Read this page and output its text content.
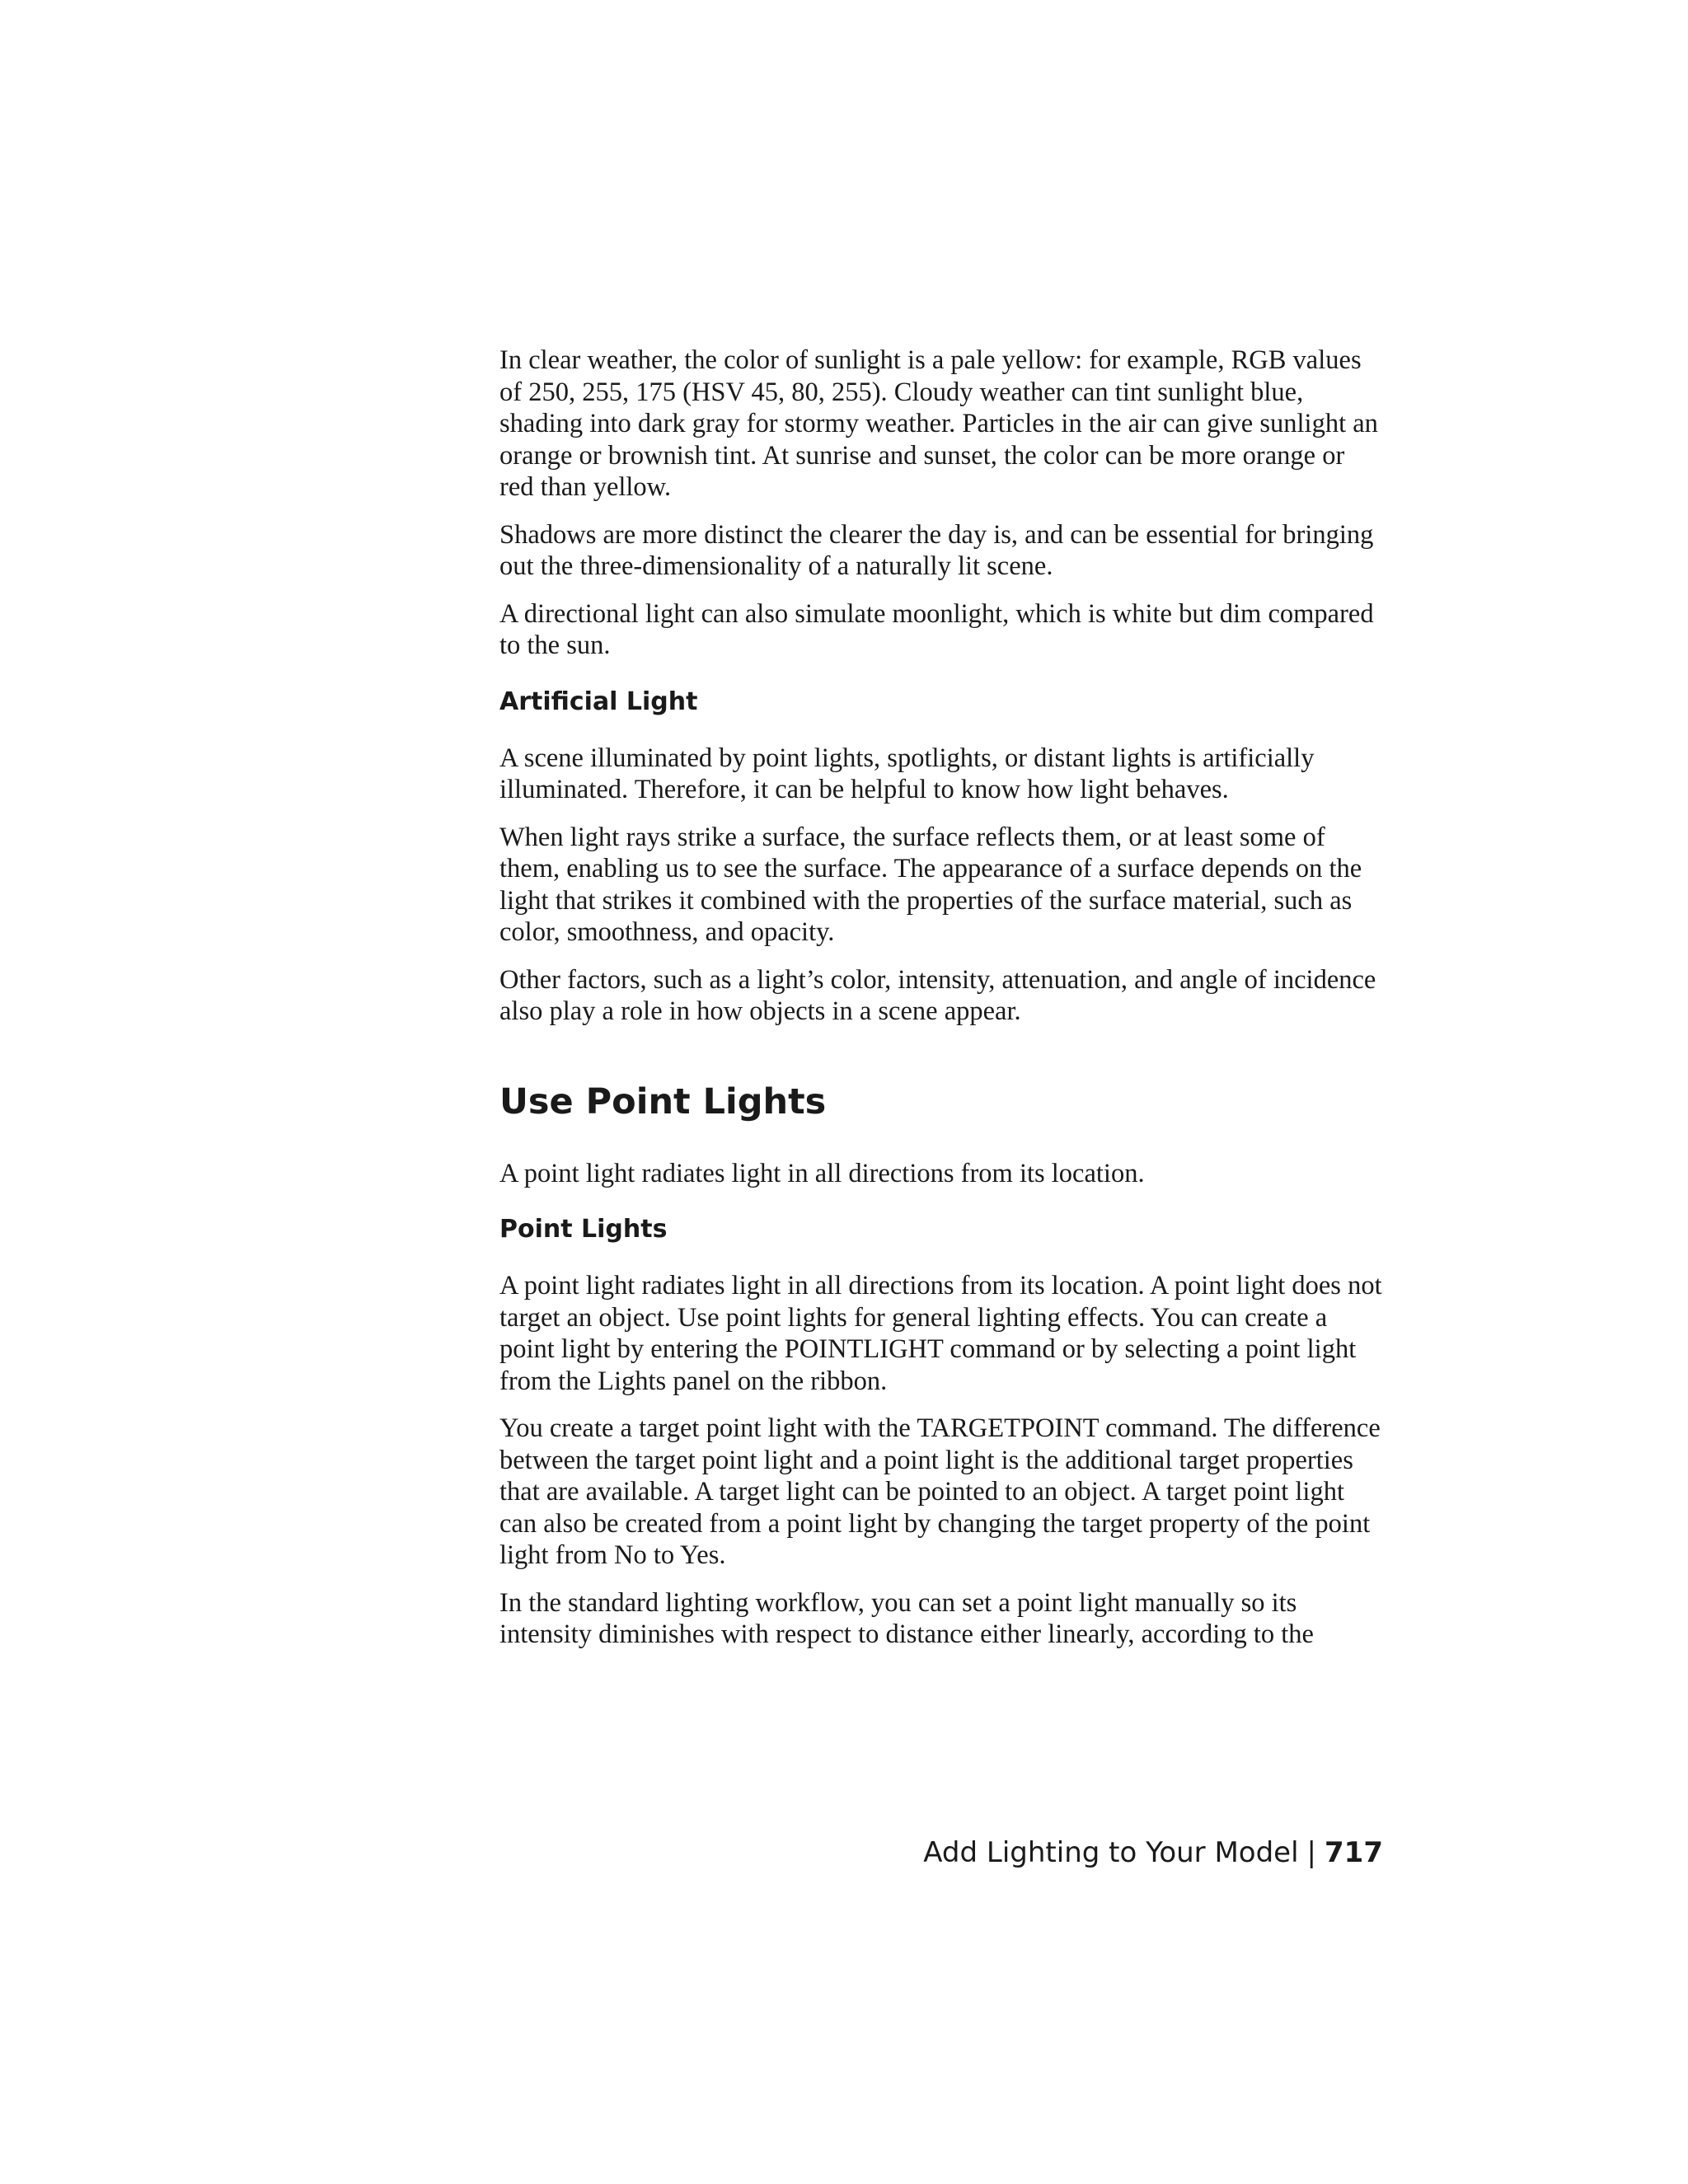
In clear weather, the color of sunlight is a pale yellow: for example, RGB values of 250, 255, 175 (HSV 45, 80, 255). Cloudy weather can tint sunlight blue, shading into dark gray for stormy weather. Particles in the air can give sunlight an orange or brownish tint. At sunrise and sunset, the color can be more orange or red than yellow.

Shadows are more distinct the clearer the day is, and can be essential for bringing out the three-dimensionality of a naturally lit scene.

A directional light can also simulate moonlight, which is white but dim compared to the sun.

Artificial Light

A scene illuminated by point lights, spotlights, or distant lights is artificially illuminated. Therefore, it can be helpful to know how light behaves.

When light rays strike a surface, the surface reflects them, or at least some of them, enabling us to see the surface. The appearance of a surface depends on the light that strikes it combined with the properties of the surface material, such as color, smoothness, and opacity.

Other factors, such as a light’s color, intensity, attenuation, and angle of incidence also play a role in how objects in a scene appear.

Use Point Lights

A point light radiates light in all directions from its location.

Point Lights

A point light radiates light in all directions from its location. A point light does not target an object. Use point lights for general lighting effects. You can create a point light by entering the POINTLIGHT command or by selecting a point light from the Lights panel on the ribbon.

You create a target point light with the TARGETPOINT command. The difference between the target point light and a point light is the additional target properties that are available. A target light can be pointed to an object. A target point light can also be created from a point light by changing the target property of the point light from No to Yes.

In the standard lighting workflow, you can set a point light manually so its intensity diminishes with respect to distance either linearly, according to the

Add Lighting to Your Model | 717
